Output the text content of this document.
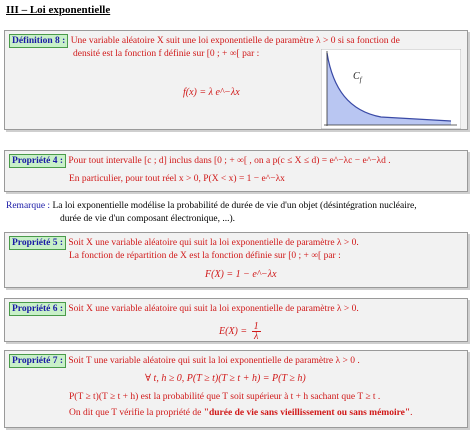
III – Loi exponentielle
Définition 8 : Une variable aléatoire X suit une loi exponentielle de paramètre λ > 0 si sa fonction de
densité est la fonction f définie sur [0 ; + ∞[ par :
f(x) = λ e^−λx
$C_f$
Propriété 4 : Pour tout intervalle [c ; d] inclus dans [0 ; + ∞[ , on a p(c ≤ X ≤ d) = e^−λc − e^−λd .
En particulier, pour tout réel x > 0, P(X < x) = 1 − e^−λx
Remarque : La loi exponentielle modélise la probabilité de durée de vie d'un objet (désintégration nucléaire,
durée de vie d'un composant électronique, ...).
Propriété 5 : Soit X une variable aléatoire qui suit la loi exponentielle de paramètre λ > 0.
La fonction de répartition de X est la fonction définie sur [0 ; + ∞[ par :
F(X) = 1 − e^−λx
Propriété 6 : Soit X une variable aléatoire qui suit la loi exponentielle de paramètre λ > 0.
$E(X) = \frac{1}{\lambda}$
Propriété 7 : Soit T une variable aléatoire qui suit la loi exponentielle de paramètre λ > 0 .
∀ t, h ≥ 0, P(T ≥ t)(T ≥ t + h) = P(T ≥ h)
P(T ≥ t)(T ≥ t + h) est la probabilité que T soit supérieur à t + h sachant que T ≥ t .
On dit que T vérifie la propriété de "durée de vie sans vieillissement ou sans mémoire".
